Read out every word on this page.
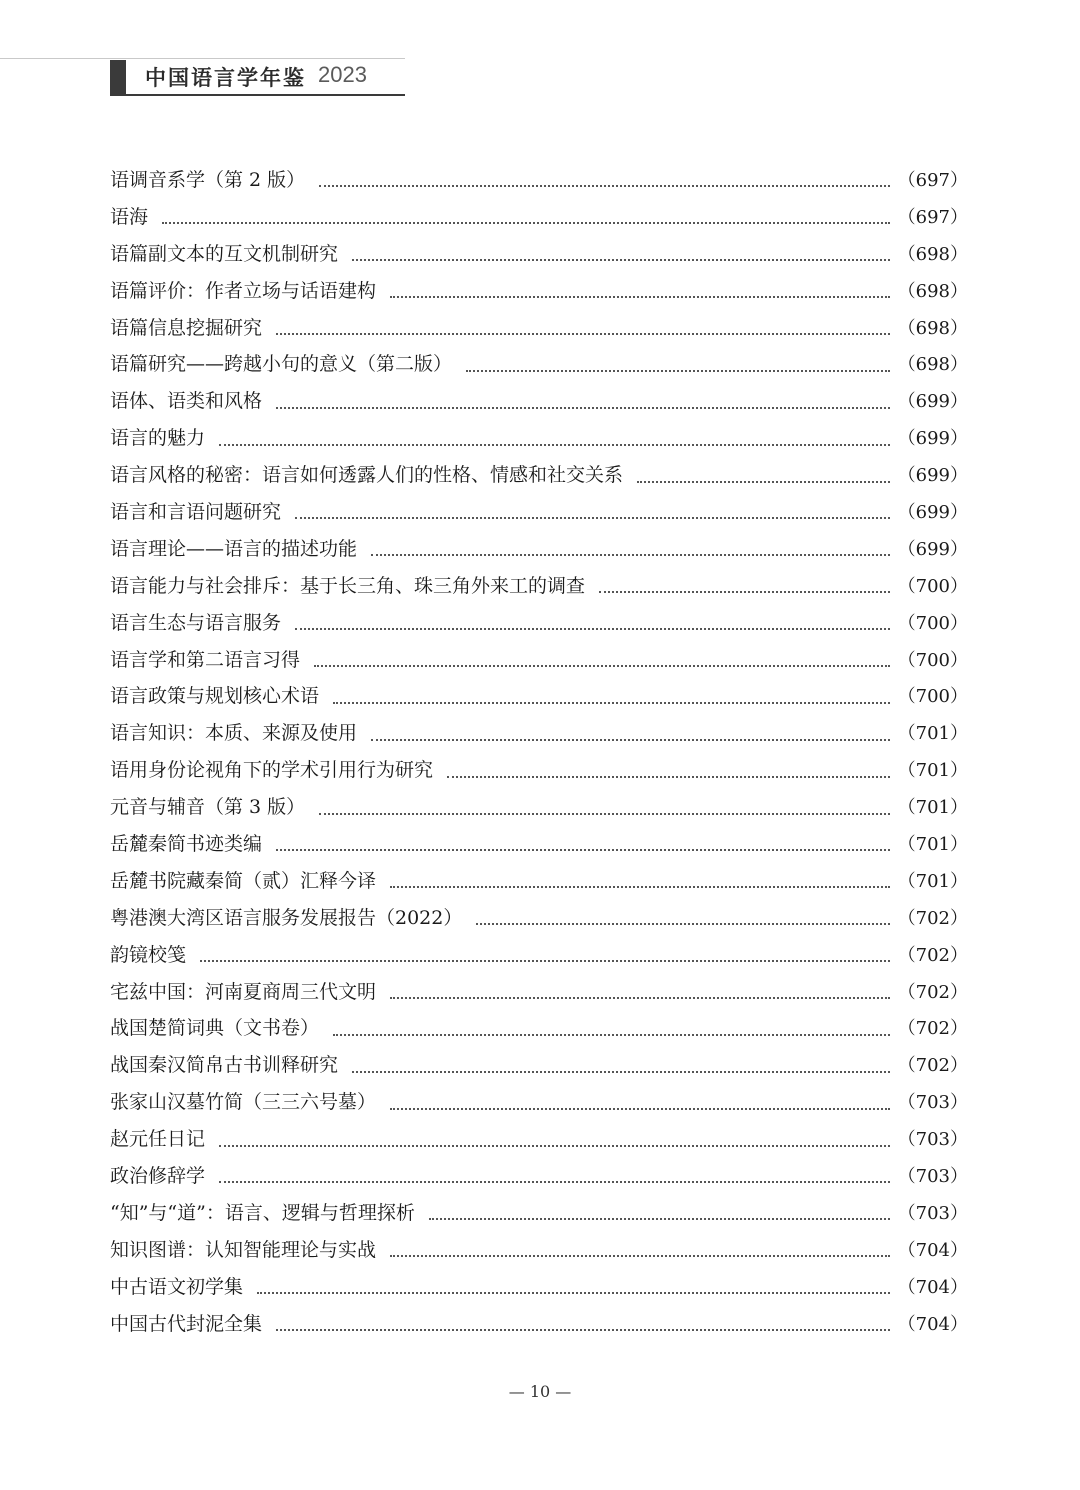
中国语言学年鉴 2023
语调音系学（第 2 版）	（697）
语海	（697）
语篇副文本的互文机制研究	（698）
语篇评价：作者立场与话语建构	（698）
语篇信息挖掘研究	（698）
语篇研究——跨越小句的意义（第二版）	（698）
语体、语类和风格	（699）
语言的魅力	（699）
语言风格的秘密：语言如何透露人们的性格、情感和社交关系	（699）
语言和言语问题研究	（699）
语言理论——语言的描述功能	（699）
语言能力与社会排斥：基于长三角、珠三角外来工的调查	（700）
语言生态与语言服务	（700）
语言学和第二语言习得	（700）
语言政策与规划核心术语	（700）
语言知识：本质、来源及使用	（701）
语用身份论视角下的学术引用行为研究	（701）
元音与辅音（第 3 版）	（701）
岳麓秦简书迹类编	（701）
岳麓书院藏秦简（贰）汇释今译	（701）
粤港澳大湾区语言服务发展报告（2022）	（702）
韵镜校笺	（702）
宅兹中国：河南夏商周三代文明	（702）
战国楚简词典（文书卷）	（702）
战国秦汉简帛古书训释研究	（702）
张家山汉墓竹简（三三六号墓）	（703）
赵元任日记	（703）
政治修辞学	（703）
“知”与“道”：语言、逻辑与哲理探析	（703）
知识图谱：认知智能理论与实战	（704）
中古语文初学集	（704）
中国古代封泥全集	（704）
— 10 —
